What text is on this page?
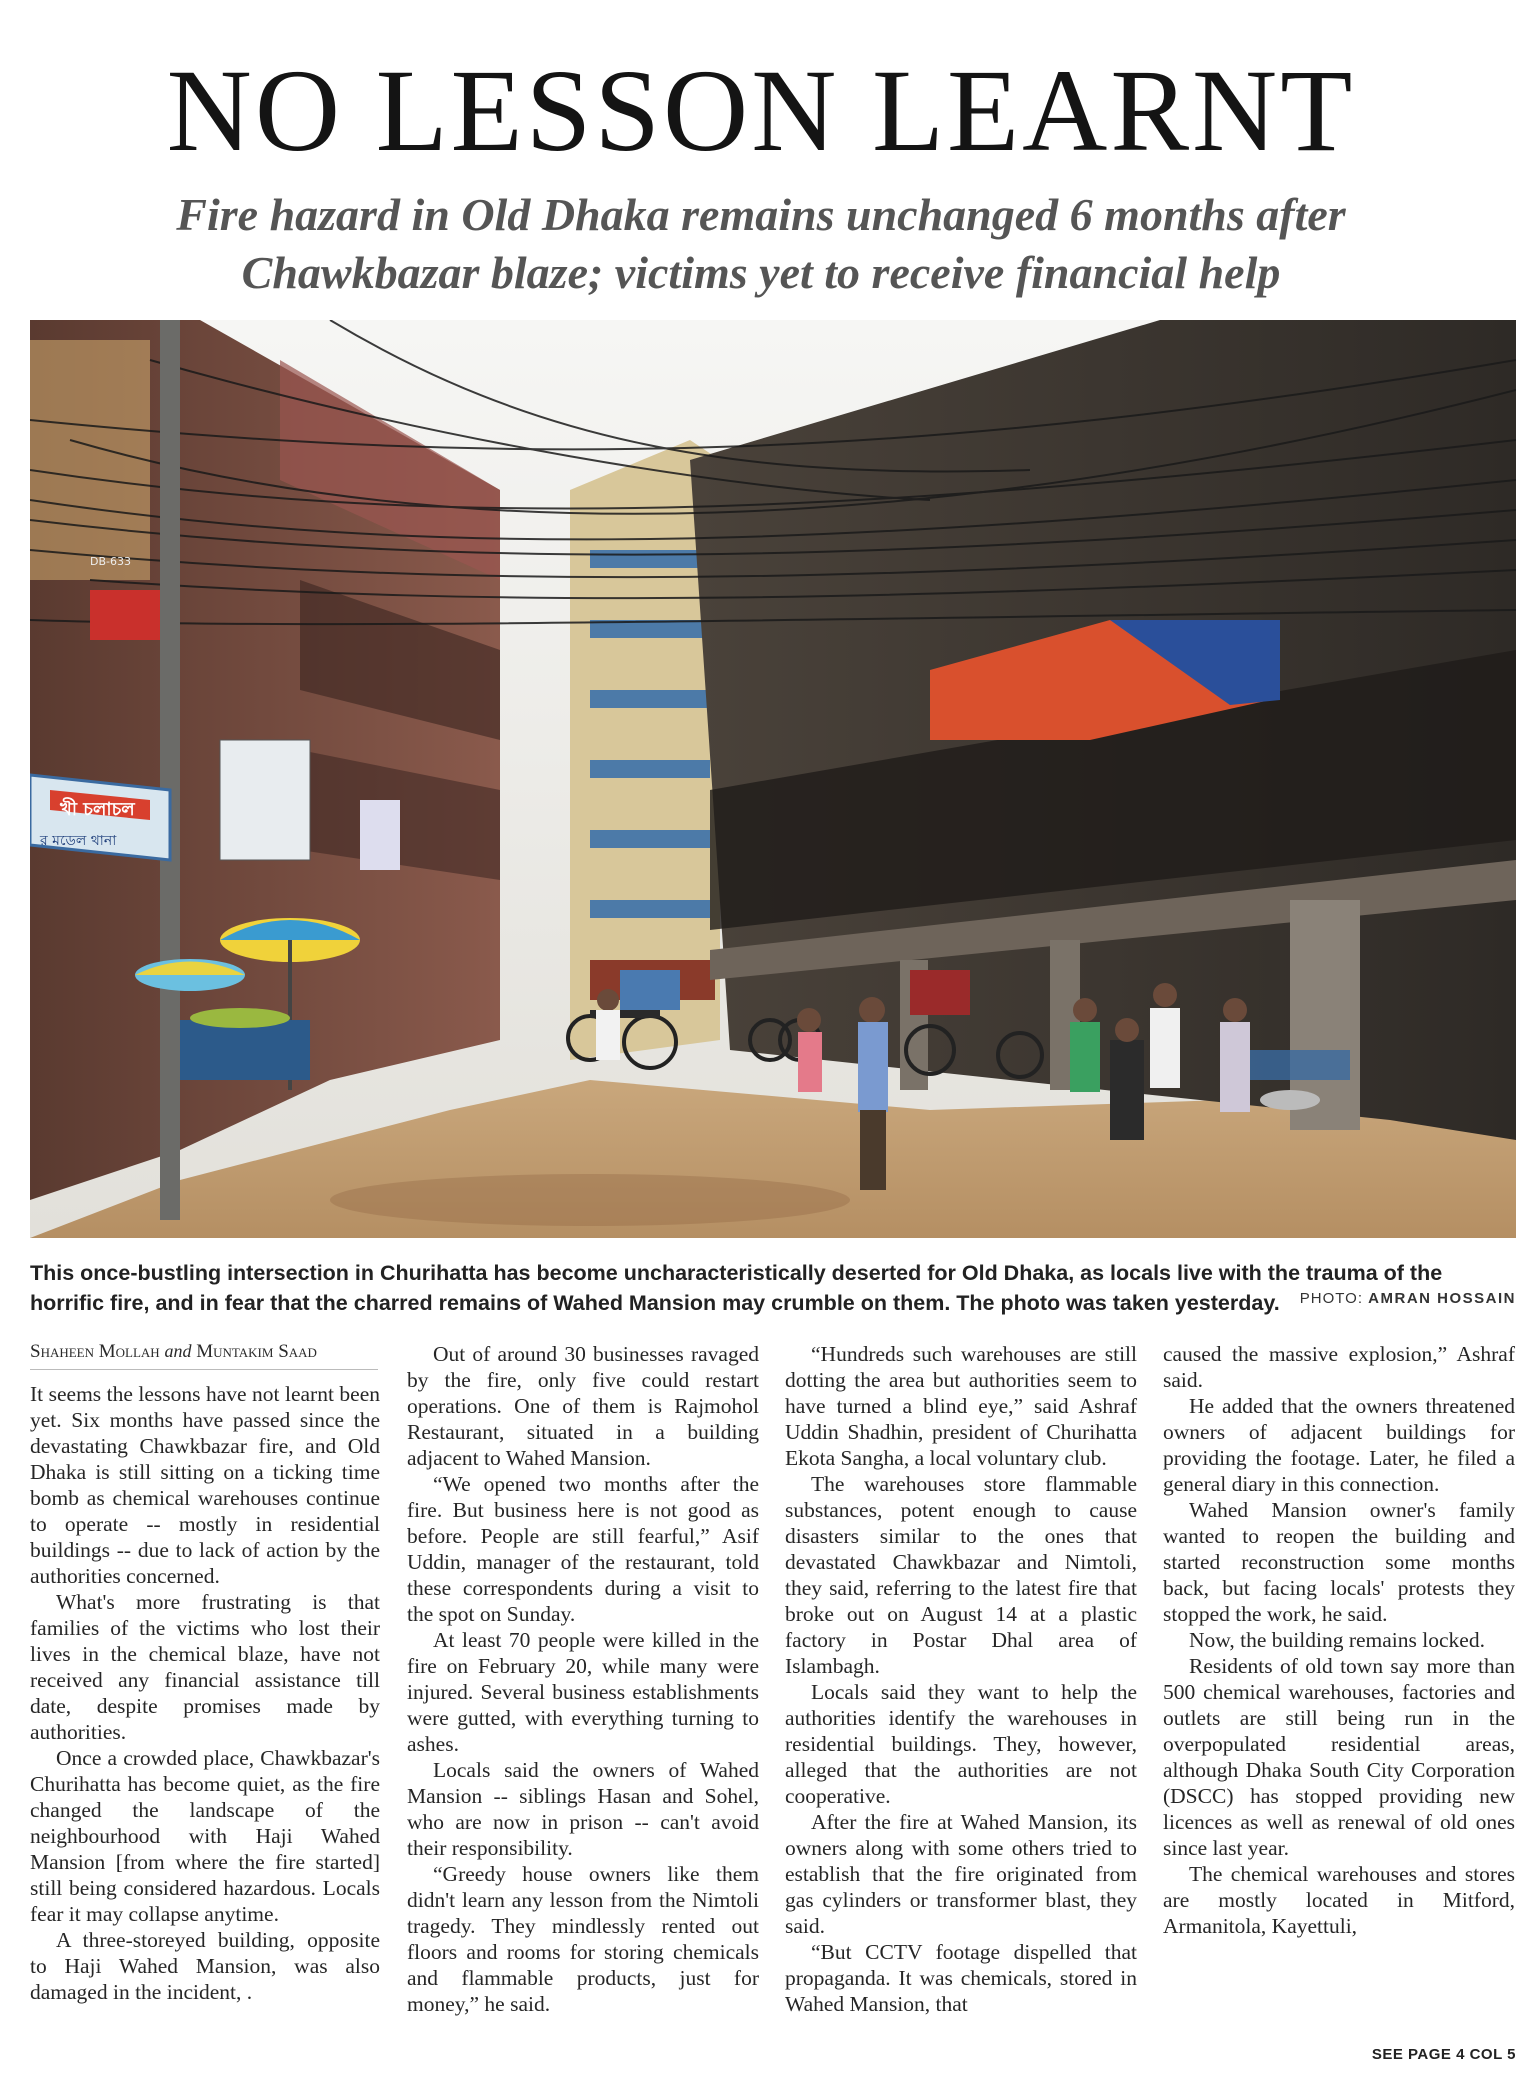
NO LESSON LEARNT
Fire hazard in Old Dhaka remains unchanged 6 months after Chawkbazar blaze; victims yet to receive financial help
খী চলাচল
র মডেল থানা
DB-633
This once-bustling intersection in Churihatta has become uncharacteristically deserted for Old Dhaka, as locals live with the trauma of the horrific fire, and in fear that the charred remains of Wahed Mansion may crumble on them. The photo was taken yesterday.	PHOTO: AMRAN HOSSAIN
Shaheen Mollah and Muntakim Saad

It seems the lessons have not learnt been yet. Six months have passed since the devastating Chawkbazar fire, and Old Dhaka is still sitting on a ticking time bomb as chemical warehouses continue to operate -- mostly in residential buildings -- due to lack of action by the authorities concerned.

What's more frustrating is that families of the victims who lost their lives in the chemical blaze, have not received any financial assistance till date, despite promises made by authorities.

Once a crowded place, Chawkbazar's Churihatta has become quiet, as the fire changed the landscape of the neighbourhood with Haji Wahed Mansion [from where the fire started] still being considered hazardous. Locals fear it may collapse anytime.

A three-storeyed building, opposite to Haji Wahed Mansion, was also damaged in the incident, .

Out of around 30 businesses ravaged by the fire, only five could restart operations. One of them is Rajmohol Restaurant, situated in a building adjacent to Wahed Mansion.

“We opened two months after the fire. But business here is not good as before. People are still fearful,” Asif Uddin, manager of the restaurant, told these correspondents during a visit to the spot on Sunday.

At least 70 people were killed in the fire on February 20, while many were injured. Several business establishments were gutted, with everything turning to ashes.

Locals said the owners of Wahed Mansion -- siblings Hasan and Sohel, who are now in prison -- can't avoid their responsibility.

“Greedy house owners like them didn't learn any lesson from the Nimtoli tragedy. They mindlessly rented out floors and rooms for storing chemicals and flammable products, just for money,” he said.

“Hundreds such warehouses are still dotting the area but authorities seem to have turned a blind eye,” said Ashraf Uddin Shadhin, president of Churihatta Ekota Sangha, a local voluntary club.

The warehouses store flammable substances, potent enough to cause disasters similar to the ones that devastated Chawkbazar and Nimtoli, they said, referring to the latest fire that broke out on August 14 at a plastic factory in Postar Dhal area of Islambagh.

Locals said they want to help the authorities identify the warehouses in residential buildings. They, however, alleged that the authorities are not cooperative.

After the fire at Wahed Mansion, its owners along with some others tried to establish that the fire originated from gas cylinders or transformer blast, they said.

“But CCTV footage dispelled that propaganda. It was chemicals, stored in Wahed Mansion, that

caused the massive explosion,” Ashraf said.

He added that the owners threatened owners of adjacent buildings for providing the footage. Later, he filed a general diary in this connection.

Wahed Mansion owner's family wanted to reopen the building and started reconstruction some months back, but facing locals' protests they stopped the work, he said.

Now, the building remains locked.

Residents of old town say more than 500 chemical warehouses, factories and outlets are still being run in the overpopulated residential areas, although Dhaka South City Corporation (DSCC) has stopped providing new licences as well as renewal of old ones since last year.

The chemical warehouses and stores are mostly located in Mitford, Armanitola, Kayettuli,

SEE PAGE 4 COL 5
